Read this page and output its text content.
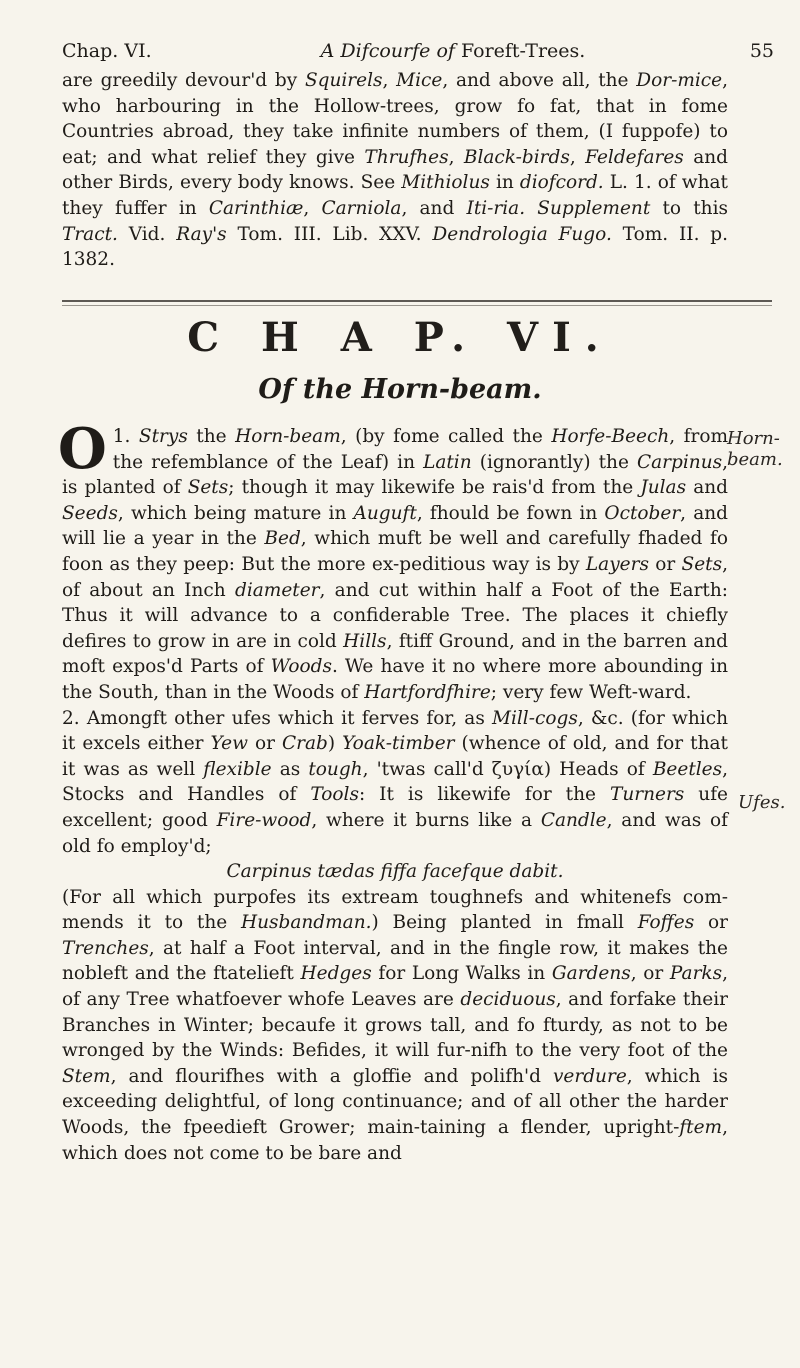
Chap. VI.	A Difcourfe of Foreft-Trees.	55
are greedily devour'd by Squirels, Mice, and above all, the Dor-mice, who harbouring in the Hollow-trees, grow fo fat, that in fome Countries abroad, they take infinite numbers of them, (I fuppofe) to eat; and what relief they give Thrufhes, Black-birds, Feldefares and other Birds, every body knows. See Mithiolus in diofcord. L. 1. of what they fuffer in Carinthiæ, Carniola, and Iti-ria. Supplement to this Tract. Vid. Ray's Tom. III. Lib. XXV. Dendrologia Fugo. Tom. II. p. 1382.
C H A P. VI.
Of the Horn-beam.
Horn-beam.
Ufes.

1.
O Strys the Horn-beam, (by fome called the Horfe-Beech, from the refemblance of the Leaf) in Latin (ignorantly) the Carpinus, is planted of Sets; though it may likewife be rais'd from the Julas and Seeds, which being mature in Auguft, fhould be fown in October, and will lie a year in the Bed, which muft be well and carefully fhaded fo foon as they peep: But the more ex-peditious way is by Layers or Sets, of about an Inch diameter, and cut within half a Foot of the Earth: Thus it will advance to a confiderable Tree. The places it chiefly defires to grow in are in cold Hills, ftiff Ground, and in the barren and moft expos'd Parts of Woods. We have it no where more abounding in the South, than in the Woods of Hartfordfhire; very few Weft-ward.

2. Amongft other ufes which it ferves for, as Mill-cogs, &c. (for which it excels either Yew or Crab) Yoak-timber (whence of old, and for that it was as well flexible as tough, 'twas call'd ζυγία) Heads of Beetles, Stocks and Handles of Tools: It is likewife for the Turners ufe excellent; good Fire-wood, where it burns like a Candle, and was of old fo employ'd;

Carpinus tædas fiffa facefque dabit.

(For all which purpofes its extream toughnefs and whitenefs com-mends it to the Husbandman.) Being planted in fmall Foffes or Trenches, at half a Foot interval, and in the fingle row, it makes the nobleft and the ftatelieft Hedges for Long Walks in Gardens, or Parks, of any Tree whatfoever whofe Leaves are deciduous, and forfake their Branches in Winter; becaufe it grows tall, and fo fturdy, as not to be wronged by the Winds: Befides, it will fur-nifh to the very foot of the Stem, and flourifhes with a gloffie and polifh'd verdure, which is exceeding delightful, of long continuance; and of all other the harder Woods, the fpeedieft Grower; main-taining a flender, upright-ftem, which does not come to be bare and
